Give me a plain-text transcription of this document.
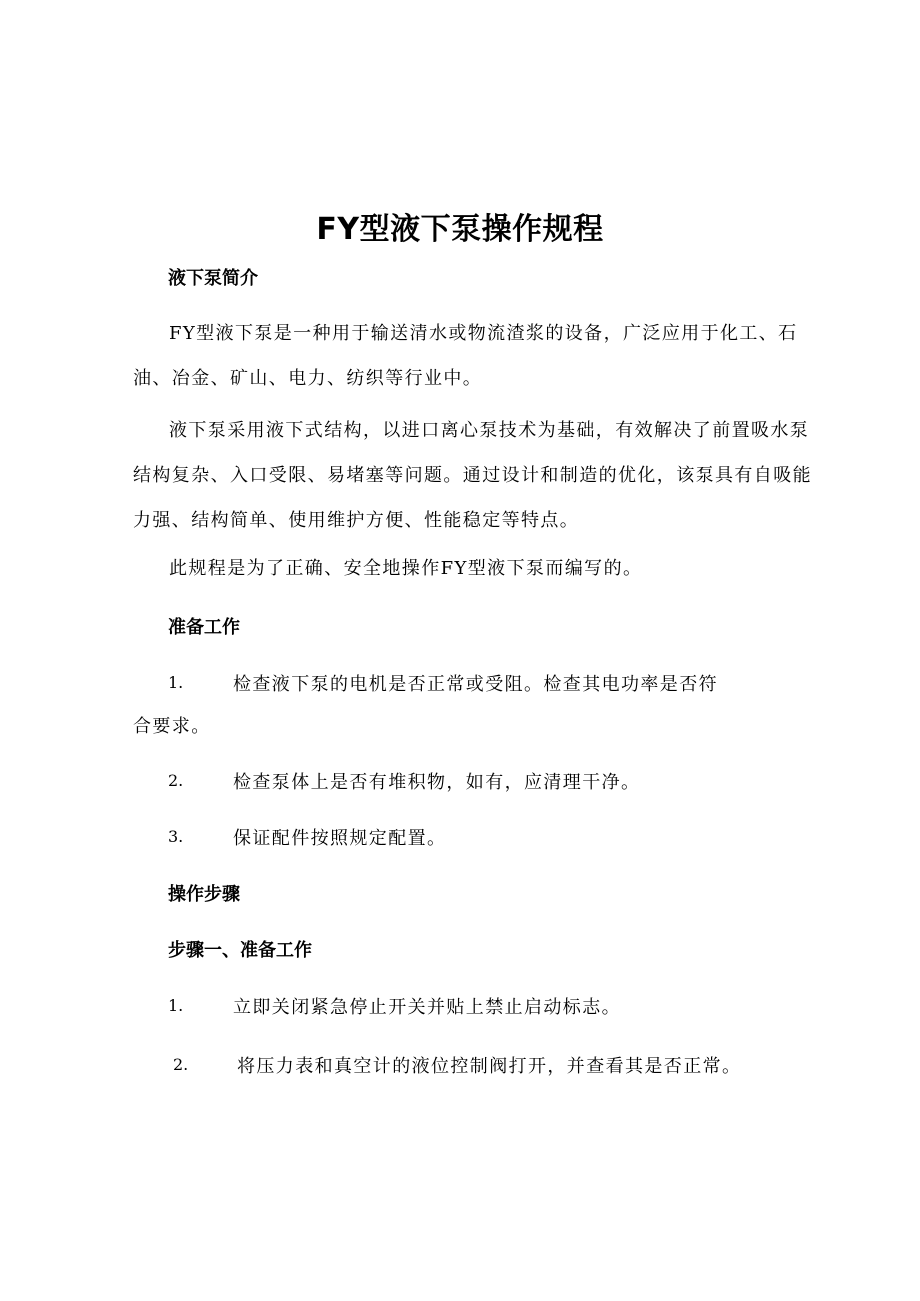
FY型液下泵操作规程
液下泵简介
FY型液下泵是一种用于输送清水或物流渣浆的设备，广泛应用于化工、石油、冶金、矿山、电力、纺织等行业中。
液下泵采用液下式结构，以进口离心泵技术为基础，有效解决了前置吸水泵结构复杂、入口受限、易堵塞等问题。通过设计和制造的优化，该泵具有自吸能力强、结构简单、使用维护方便、性能稳定等特点。
此规程是为了正确、安全地操作FY型液下泵而编写的。
准备工作
1.	检查液下泵的电机是否正常或受阻。检查其电功率是否符
合要求。
2.	检查泵体上是否有堆积物，如有，应清理干净。
3.	保证配件按照规定配置。
操作步骤
步骤一、准备工作
1.	立即关闭紧急停止开关并贴上禁止启动标志。
2.	将压力表和真空计的液位控制阀打开，并查看其是否正常。
